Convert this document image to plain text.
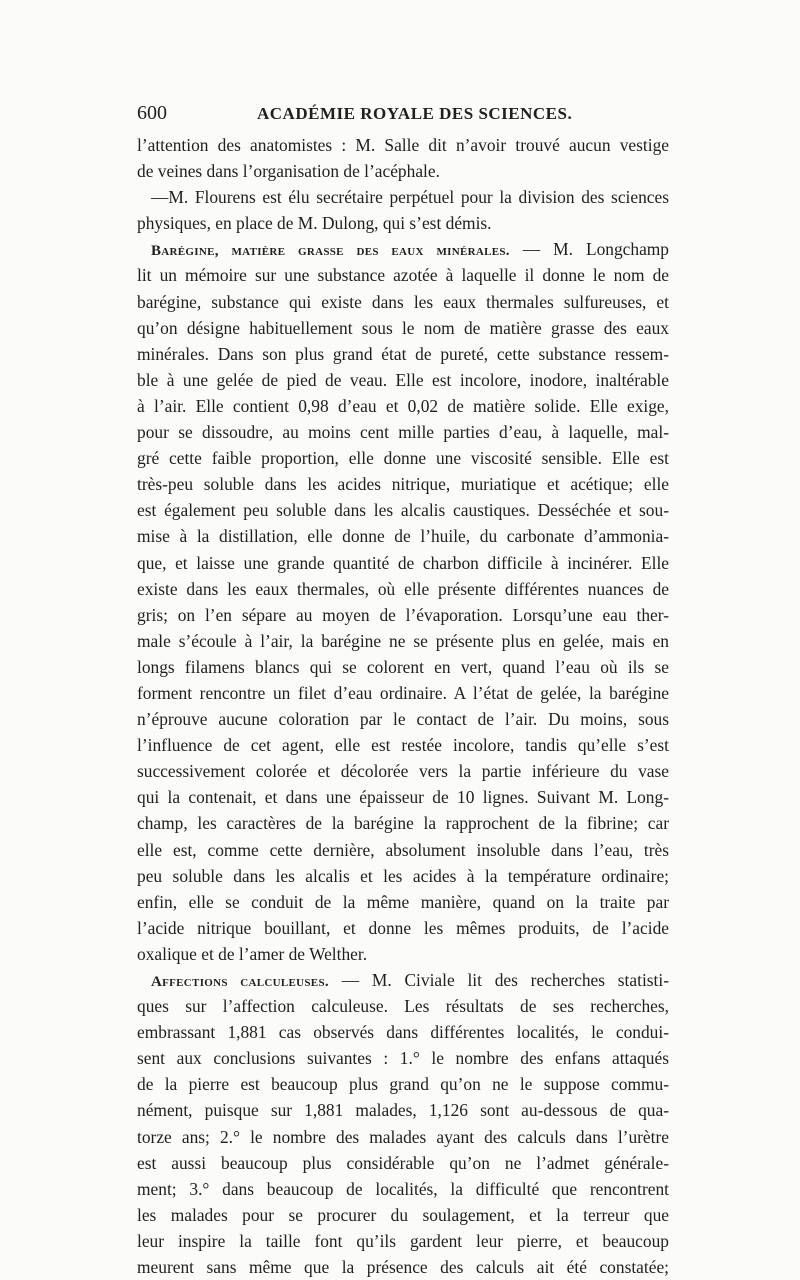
600	ACADÉMIE ROYALE DES SCIENCES.
l’attention des anatomistes : M. Salle dit n’avoir trouvé aucun vestige
de veines dans l’organisation de l’acéphale.
—M. Flourens est élu secrétaire perpétuel pour la division des sciences
physiques, en place de M. Dulong, qui s’est démis.
Barégine, matière grasse des eaux minérales. — M. Longchamp
lit un mémoire sur une substance azotée à laquelle il donne le nom de
barégine, substance qui existe dans les eaux thermales sulfureuses, et
qu’on désigne habituellement sous le nom de matière grasse des eaux
minérales. Dans son plus grand état de pureté, cette substance ressem-
ble à une gelée de pied de veau. Elle est incolore, inodore, inaltérable
à l’air. Elle contient 0,98 d’eau et 0,02 de matière solide. Elle exige,
pour se dissoudre, au moins cent mille parties d’eau, à laquelle, mal-
gré cette faible proportion, elle donne une viscosité sensible. Elle est
très-peu soluble dans les acides nitrique, muriatique et acétique; elle
est également peu soluble dans les alcalis caustiques. Desséchée et sou-
mise à la distillation, elle donne de l’huile, du carbonate d’ammonia-
que, et laisse une grande quantité de charbon difficile à incinérer. Elle
existe dans les eaux thermales, où elle présente différentes nuances de
gris; on l’en sépare au moyen de l’évaporation. Lorsqu’une eau ther-
male s’écoule à l’air, la barégine ne se présente plus en gelée, mais en
longs filamens blancs qui se colorent en vert, quand l’eau où ils se
forment rencontre un filet d’eau ordinaire. A l’état de gelée, la barégine
n’éprouve aucune coloration par le contact de l’air. Du moins, sous
l’influence de cet agent, elle est restée incolore, tandis qu’elle s’est
successivement colorée et décolorée vers la partie inférieure du vase
qui la contenait, et dans une épaisseur de 10 lignes. Suivant M. Long-
champ, les caractères de la barégine la rapprochent de la fibrine; car
elle est, comme cette dernière, absolument insoluble dans l’eau, très
peu soluble dans les alcalis et les acides à la température ordinaire;
enfin, elle se conduit de la même manière, quand on la traite par
l’acide nitrique bouillant, et donne les mêmes produits, de l’acide
oxalique et de l’amer de Welther.
Affections calculeuses. — M. Civiale lit des recherches statisti-
ques sur l’affection calculeuse. Les résultats de ses recherches,
embrassant 1,881 cas observés dans différentes localités, le condui-
sent aux conclusions suivantes : 1.° le nombre des enfans attaqués
de la pierre est beaucoup plus grand qu’on ne le suppose commu-
nément, puisque sur 1,881 malades, 1,126 sont au-dessous de qua-
torze ans; 2.° le nombre des malades ayant des calculs dans l’urètre
est aussi beaucoup plus considérable qu’on ne l’admet générale-
ment; 3.° dans beaucoup de localités, la difficulté que rencontrent
les malades pour se procurer du soulagement, et la terreur que
leur inspire la taille font qu’ils gardent leur pierre, et beaucoup
meurent sans même que la présence des calculs ait été constatée;
